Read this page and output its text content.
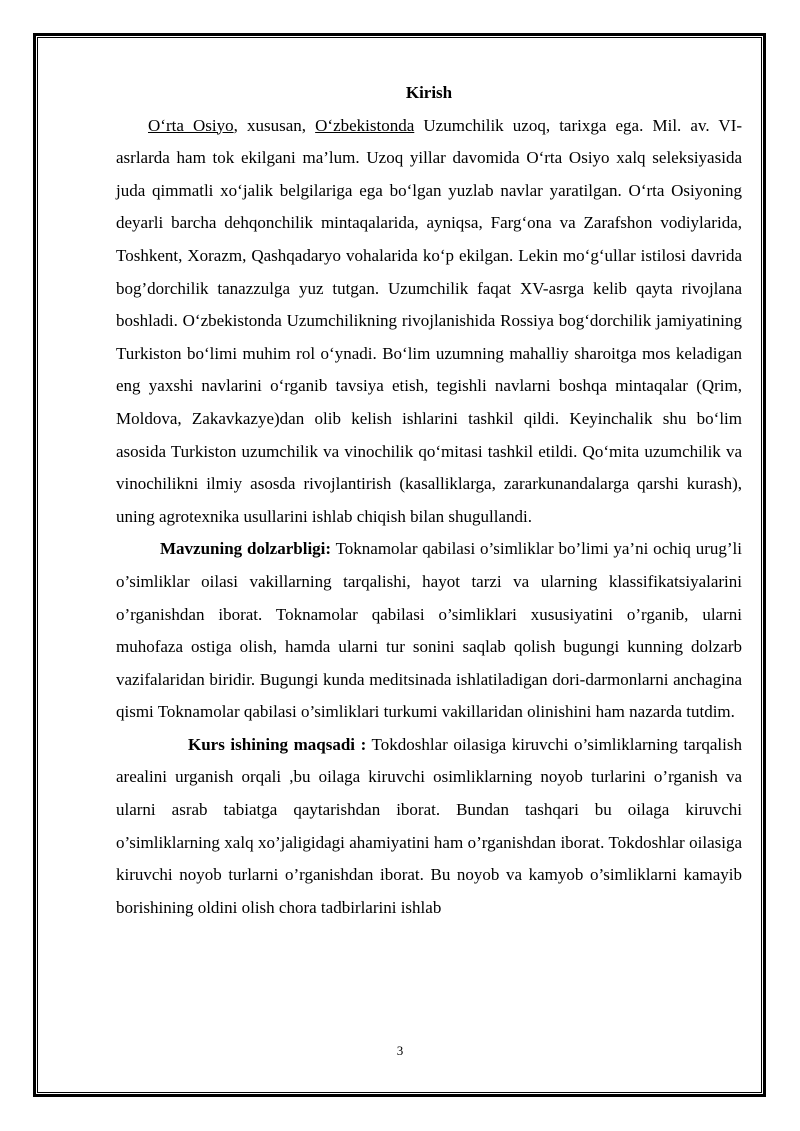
Kirish

O‘rta Osiyo, xususan, O‘zbekistonda Uzumchilik uzoq, tarixga ega. Mil. av. VI-asrlarda ham tok ekilgani ma’lum. Uzoq yillar davomida O‘rta Osiyo xalq seleksiyasida juda qimmatli xo‘jalik belgilariga ega bo‘lgan yuzlab navlar yaratilgan. O‘rta Osiyoning deyarli barcha dehqonchilik mintaqalarida, ayniqsa, Farg‘ona va Zarafshon vodiylarida, Toshkent, Xorazm, Qashqadaryo vohalarida ko‘p ekilgan. Lekin mo‘g‘ullar istilosi davrida bog’dorchilik tanazzulga yuz tutgan. Uzumchilik faqat XV-asrga kelib qayta rivojlana boshladi. O‘zbekistonda Uzumchilikning rivojlanishida Rossiya bog‘dorchilik jamiyatining Turkiston bo‘limi muhim rol o‘ynadi. Bo‘lim uzumning mahalliy sharoitga mos keladigan eng yaxshi navlarini o‘rganib tavsiya etish, tegishli navlarni boshqa mintaqalar (Qrim, Moldova, Zakavkazye)dan olib kelish ishlarini tashkil qildi. Keyinchalik shu bo‘lim asosida Turkiston uzumchilik va vinochilik qo‘mitasi tashkil etildi. Qo‘mita uzumchilik va vinochilikni ilmiy asosda rivojlantirish (kasalliklarga, zararkunandalarga qarshi kurash), uning agrotexnika usullarini ishlab chiqish bilan shugullandi.

Mavzuning dolzarbligi: Toknamolar qabilasi o’simliklar bo’limi ya’ni ochiq urug’li o’simliklar oilasi vakillarning tarqalishi, hayot tarzi va ularning klassifikatsiyalarini o’rganishdan iborat. Toknamolar qabilasi o’simliklari xususiyatini o’rganib, ularni muhofaza ostiga olish, hamda ularni tur sonini saqlab qolish bugungi kunning dolzarb vazifalaridan biridir. Bugungi kunda meditsinada ishlatiladigan dori-darmonlarni anchagina qismi Toknamolar qabilasi o’simliklari turkumi vakillaridan olinishini ham nazarda tutdim.

Kurs ishining maqsadi : Tokdoshlar oilasiga kiruvchi o’simliklarning tarqalish arealini urganish orqali ,bu oilaga kiruvchi osimliklarning noyob turlarini o’rganish va ularni asrab tabiatga qaytarishdan iborat. Bundan tashqari bu oilaga kiruvchi o’simliklarning xalq xo’jaligidagi ahamiyatini ham o’rganishdan iborat. Tokdoshlar oilasiga kiruvchi noyob turlarni o’rganishdan iborat. Bu noyob va kamyob o’simliklarni kamayib borishining oldini olish chora tadbirlarini ishlab

3
